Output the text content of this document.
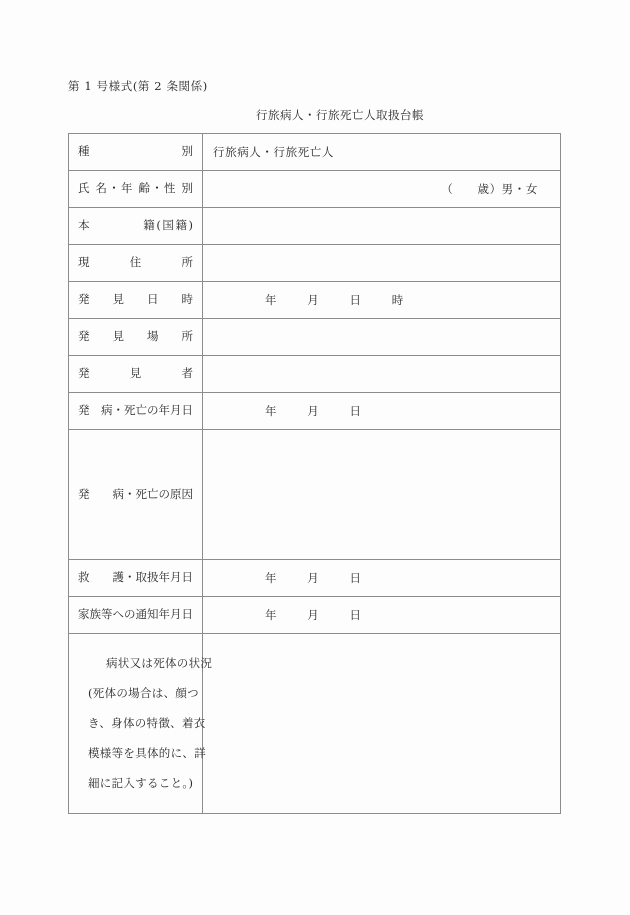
第 1 号様式(第 2 条関係)
行旅病人・行旅死亡人取扱台帳
種　　　　　別	行旅病人・行旅死亡人

氏 名・年 齢・性 別	（　　歳）男・女

本　　　　籍(国籍)	

現　　住　　所	

発　見　日　時	年 月 日 時

発　見　場　所	

発　　見　　者	

発　病・死亡の年月日	年 月 日

発　　病・死亡の原因	

救　　護・取扱年月日	年 月 日

家族等への通知年月日	年 月 日

病状又は死体の状況
(死体の場合は、顔つ
き、身体の特徴、着衣
模様等を具体的に、詳
細に記入すること。)	
